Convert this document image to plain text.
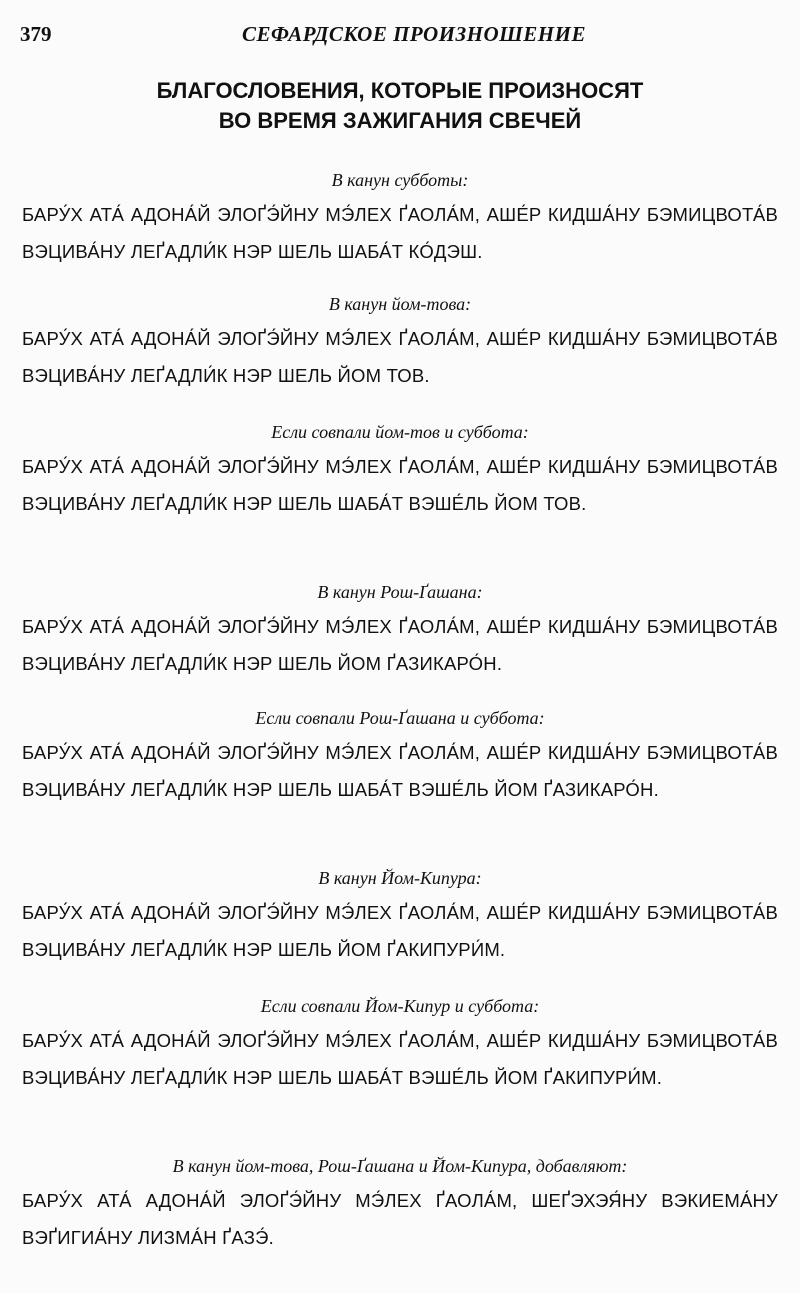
379	СЕФАРДСКОЕ ПРОИЗНОШЕНИЕ
БЛАГОСЛОВЕНИЯ, КОТОРЫЕ ПРОИЗНОСЯТ
ВО ВРЕМЯ ЗАЖИГАНИЯ СВЕЧЕЙ
В канун субботы:
БАРУ́Х АТА́ АДОНА́Й ЭЛОҐЭ́ЙНУ МЭ́ЛЕХ ҐАОЛА́М, АШЕ́Р КИДША́НУ БЭМИЦВОТА́В ВЭЦИВА́НУ ЛЕҐАДЛИ́К НЭР ШЕЛЬ ШАБА́Т КО́ДЭШ.
В канун йом-това:
БАРУ́Х АТА́ АДОНА́Й ЭЛОҐЭ́ЙНУ МЭ́ЛЕХ ҐАОЛА́М, АШЕ́Р КИДША́НУ БЭМИЦВОТА́В ВЭЦИВА́НУ ЛЕҐАДЛИ́К НЭР ШЕЛЬ ЙОМ ТОВ.
Если совпали йом-тов и суббота:
БАРУ́Х АТА́ АДОНА́Й ЭЛОҐЭ́ЙНУ МЭ́ЛЕХ ҐАОЛА́М, АШЕ́Р КИДША́НУ БЭМИЦВОТА́В ВЭЦИВА́НУ ЛЕҐАДЛИ́К НЭР ШЕЛЬ ШАБА́Т ВЭШЕ́ЛЬ ЙОМ ТОВ.
В канун Рош-Ґашана:
БАРУ́Х АТА́ АДОНА́Й ЭЛОҐЭ́ЙНУ МЭ́ЛЕХ ҐАОЛА́М, АШЕ́Р КИДША́НУ БЭМИЦВОТА́В ВЭЦИВА́НУ ЛЕҐАДЛИ́К НЭР ШЕЛЬ ЙОМ ҐАЗИКАРО́Н.
Если совпали Рош-Ґашана и суббота:
БАРУ́Х АТА́ АДОНА́Й ЭЛОҐЭ́ЙНУ МЭ́ЛЕХ ҐАОЛА́М, АШЕ́Р КИДША́НУ БЭМИЦВОТА́В ВЭЦИВА́НУ ЛЕҐАДЛИ́К НЭР ШЕЛЬ ШАБА́Т ВЭШЕ́ЛЬ ЙОМ ҐАЗИКАРО́Н.
В канун Йом-Кипура:
БАРУ́Х АТА́ АДОНА́Й ЭЛОҐЭ́ЙНУ МЭ́ЛЕХ ҐАОЛА́М, АШЕ́Р КИДША́НУ БЭМИЦВОТА́В ВЭЦИВА́НУ ЛЕҐАДЛИ́К НЭР ШЕЛЬ ЙОМ ҐАКИПУРИ́М.
Если совпали Йом-Кипур и суббота:
БАРУ́Х АТА́ АДОНА́Й ЭЛОҐЭ́ЙНУ МЭ́ЛЕХ ҐАОЛА́М, АШЕ́Р КИДША́НУ БЭМИЦВОТА́В ВЭЦИВА́НУ ЛЕҐАДЛИ́К НЭР ШЕЛЬ ШАБА́Т ВЭШЕ́ЛЬ ЙОМ ҐАКИПУРИ́М.
В канун йом-това, Рош-Ґашана и Йом-Кипура, добавляют:
БАРУ́Х АТА́ АДОНА́Й ЭЛОҐЭ́ЙНУ МЭ́ЛЕХ ҐАОЛА́М, ШЕҐЭХЭЯ́НУ ВЭКИЕМА́НУ ВЭҐИГИА́НУ ЛИЗМА́Н ҐАЗЭ́.
